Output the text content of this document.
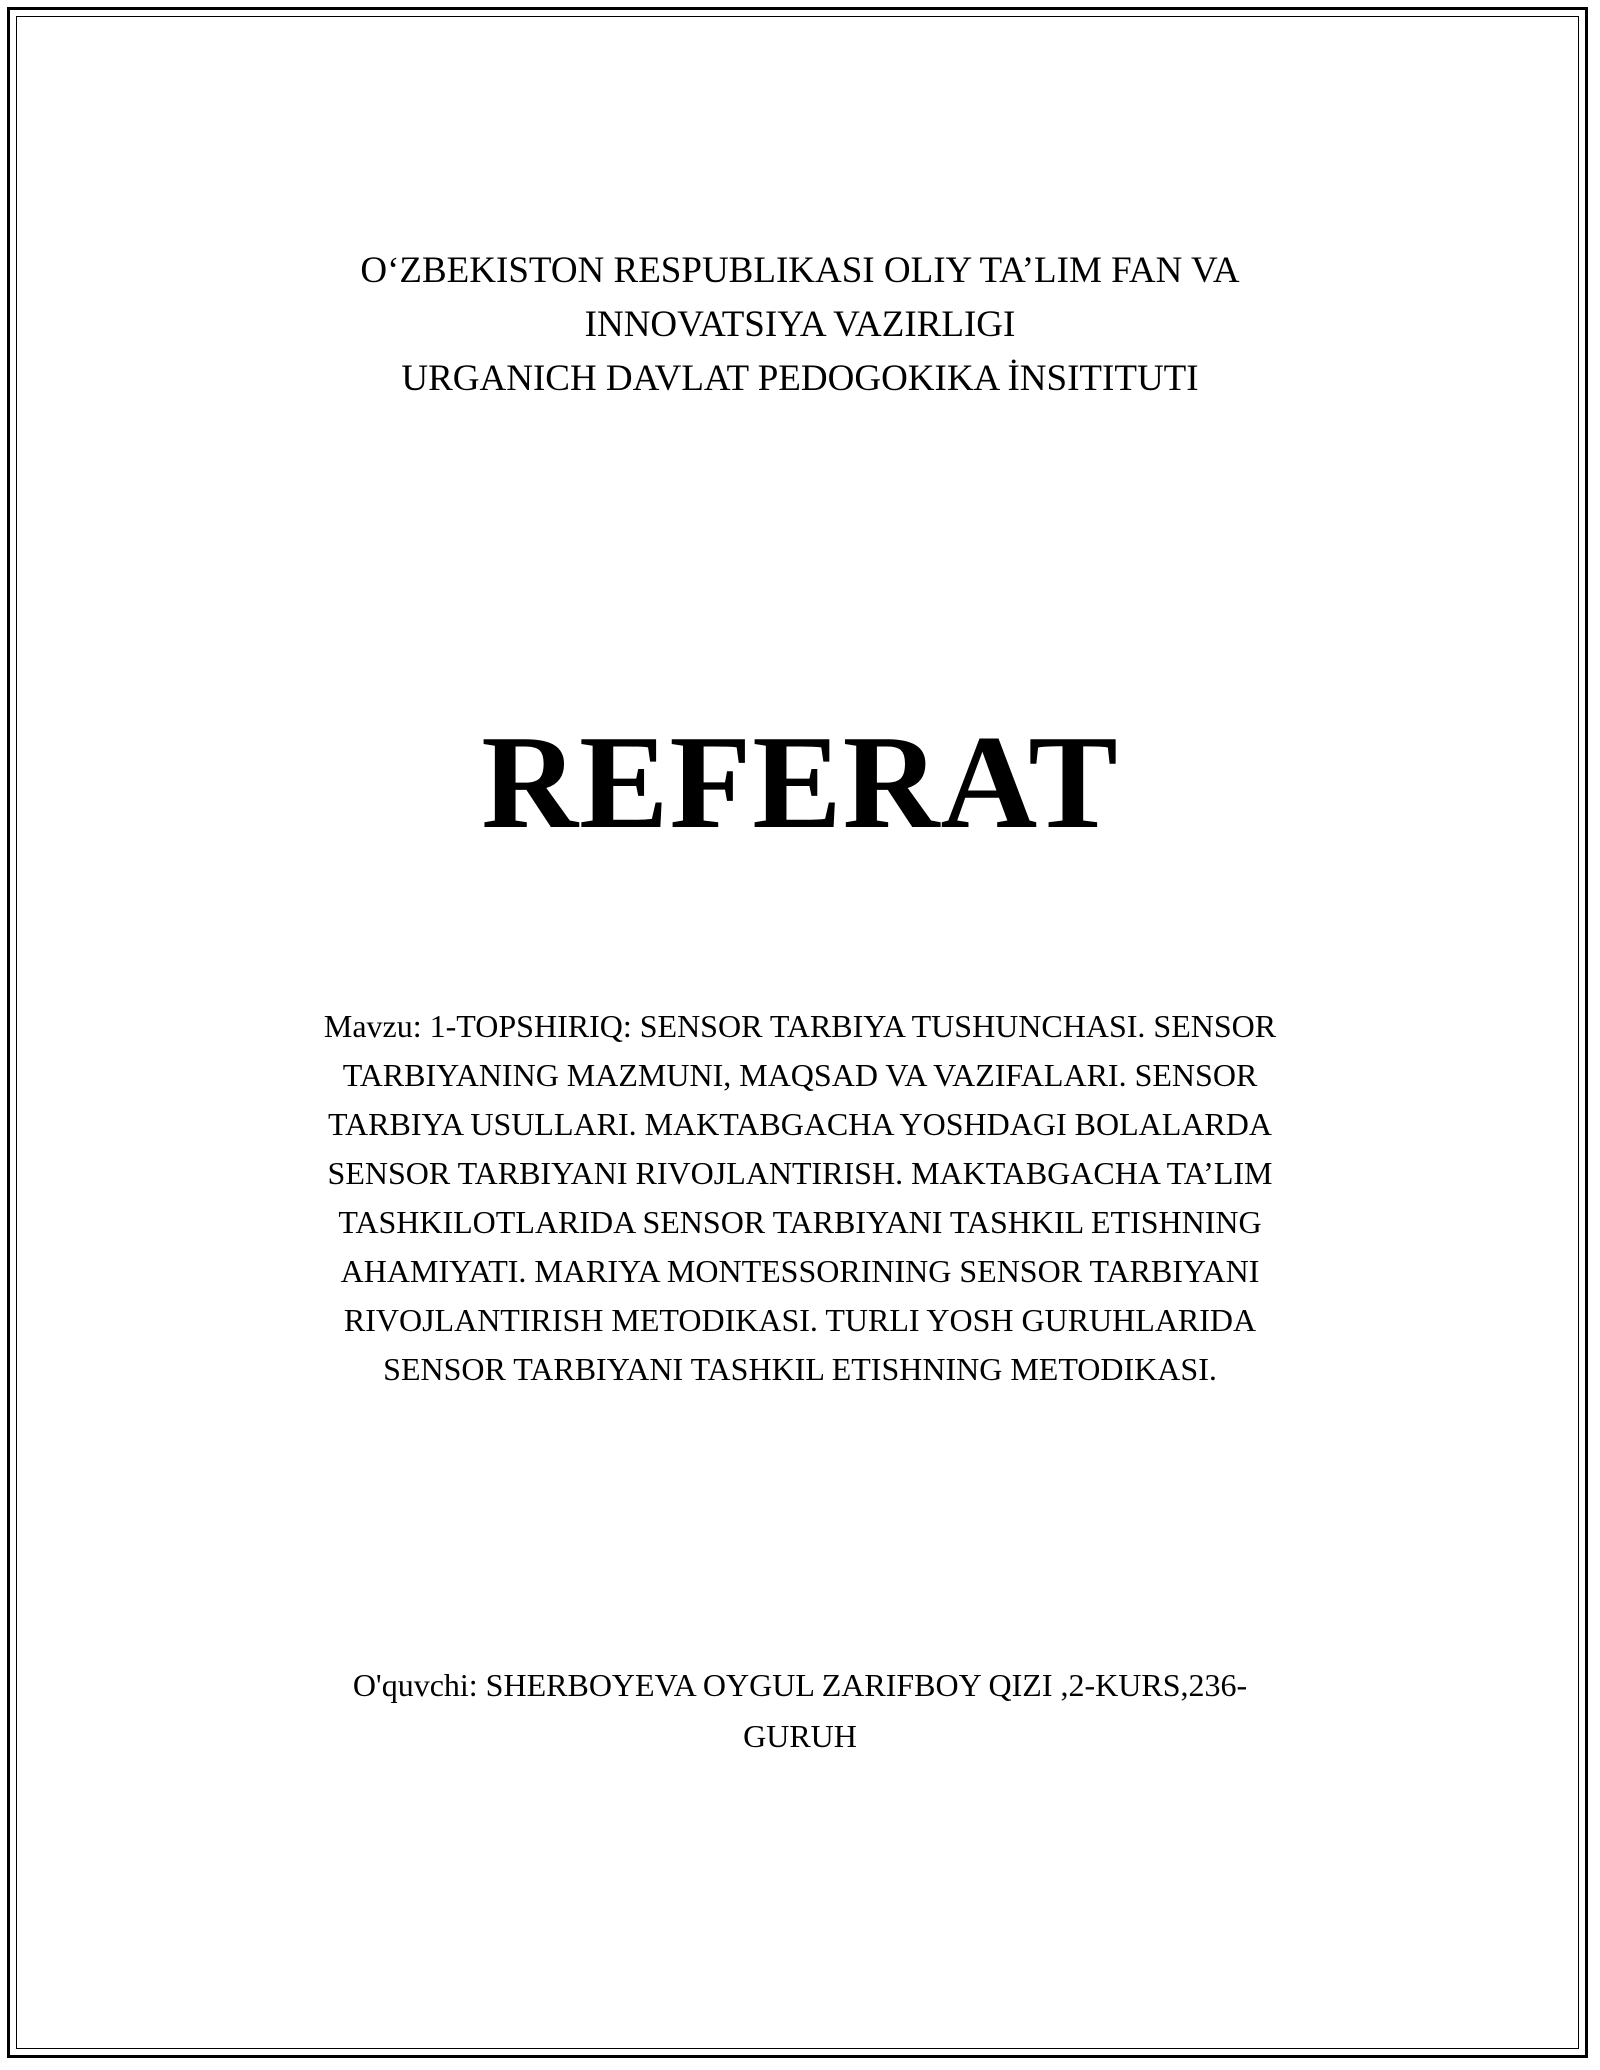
O‘ZBEKISTON RESPUBLIKASI OLIY TA’LIM FAN VA
INNOVATSIYA VAZIRLIGI
URGANICH DAVLAT PEDOGOKIKA İNSITITUTI
REFERAT
Mavzu: 1-TOPSHIRIQ: SENSOR TARBIYA TUSHUNCHASI. SENSOR
TARBIYANING MAZMUNI, MAQSAD VA VAZIFALARI. SENSOR
TARBIYA USULLARI. MAKTABGACHA YOSHDAGI BOLALARDA
SENSOR TARBIYANI RIVOJLANTIRISH. MAKTABGACHA TA’LIM
TASHKILOTLARIDA SENSOR TARBIYANI TASHKIL ETISHNING
AHAMIYATI. MARIYA MONTESSORINING SENSOR TARBIYANI
RIVOJLANTIRISH METODIKASI. TURLI YOSH GURUHLARIDA
SENSOR TARBIYANI TASHKIL ETISHNING METODIKASI.
O'quvchi: SHERBOYEVA OYGUL ZARIFBOY QIZI ,2-KURS,236-
GURUH
